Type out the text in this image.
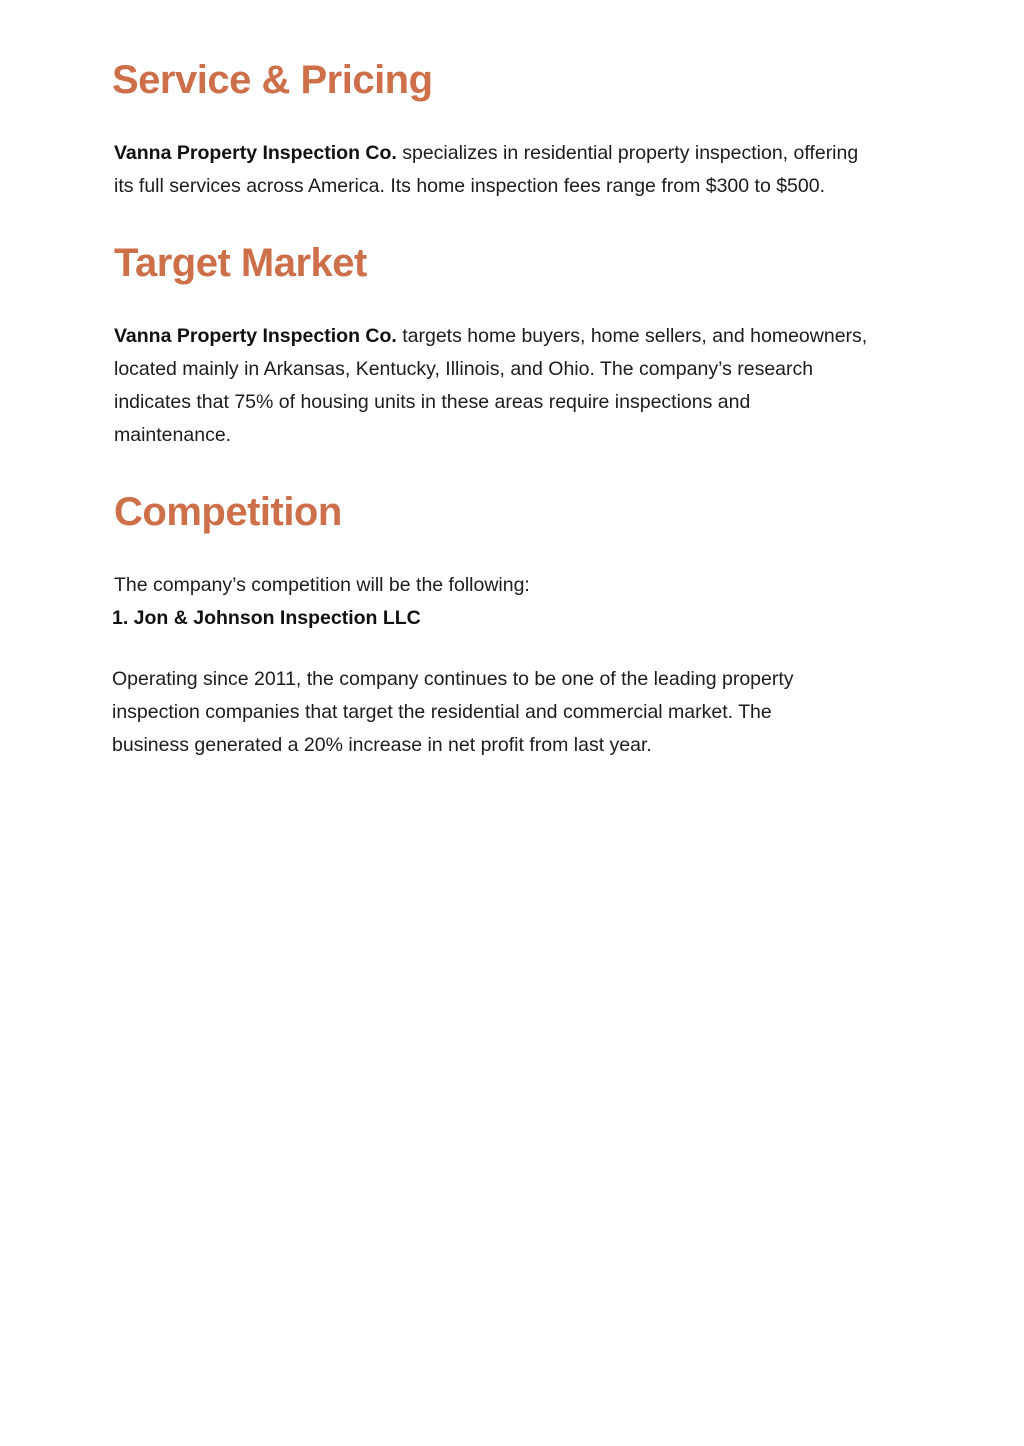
Service & Pricing

Vanna Property Inspection Co. specializes in residential property inspection, offering
its full services across America. Its home inspection fees range from $300 to $500.

Target Market

Vanna Property Inspection Co. targets home buyers, home sellers, and homeowners,
located mainly in Arkansas, Kentucky, Illinois, and Ohio. The company’s research
indicates that 75% of housing units in these areas require inspections and
maintenance.

Competition

The company’s competition will be the following:

1. Jon & Johnson Inspection LLC

Operating since 2011, the company continues to be one of the leading property
inspection companies that target the residential and commercial market. The
business generated a 20% increase in net profit from last year.
